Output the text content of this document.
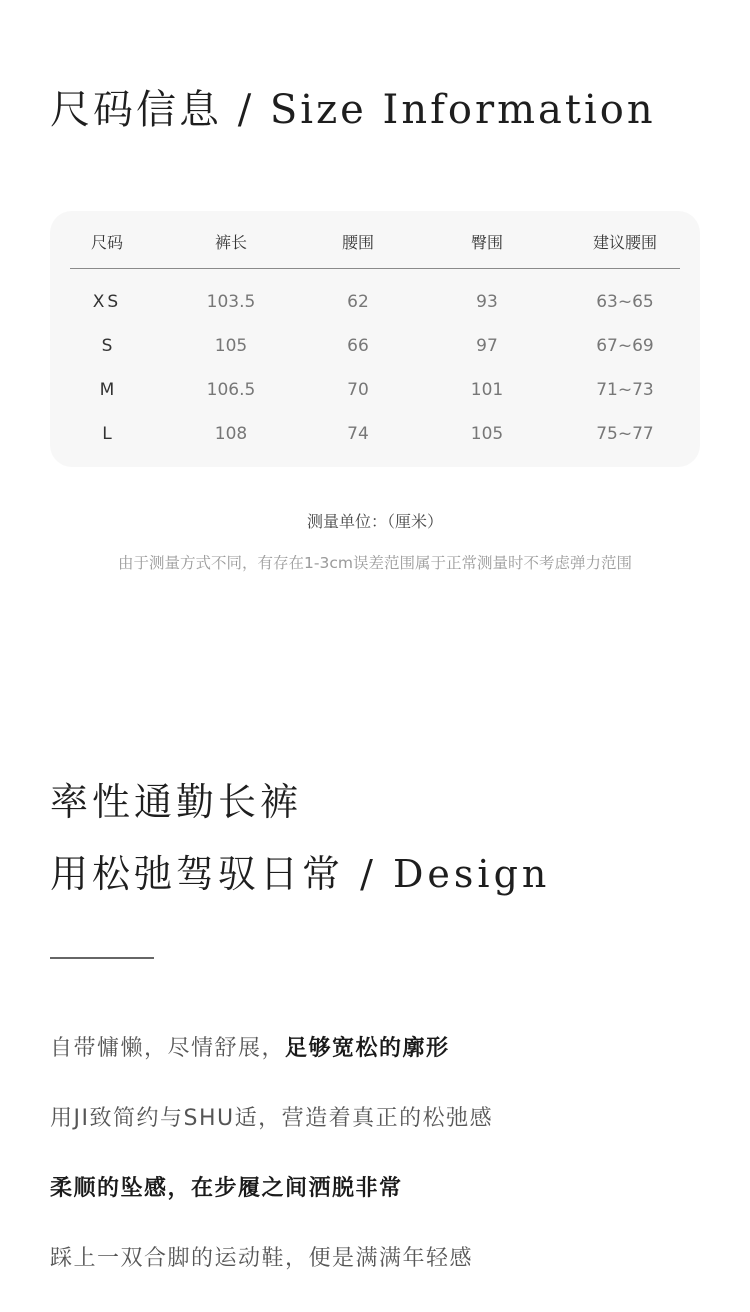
尺码信息 / Size Information
尺码	裤长	腰围	臀围	建议腰围
XS	103.5	62	93	63~65
S	105	66	97	67~69
M	106.5	70	101	71~73
L	108	74	105	75~77
测量单位：（厘米）
由于测量方式不同，有存在1-3cm误差范围属于正常测量时不考虑弹力范围
率性通勤长裤
用松弛驾驭日常 / Design
自带慵懒，尽情舒展，足够宽松的廓形
用JI致简约与SHU适，营造着真正的松弛感
柔顺的坠感，在步履之间洒脱非常
踩上一双合脚的运动鞋，便是满满年轻感
